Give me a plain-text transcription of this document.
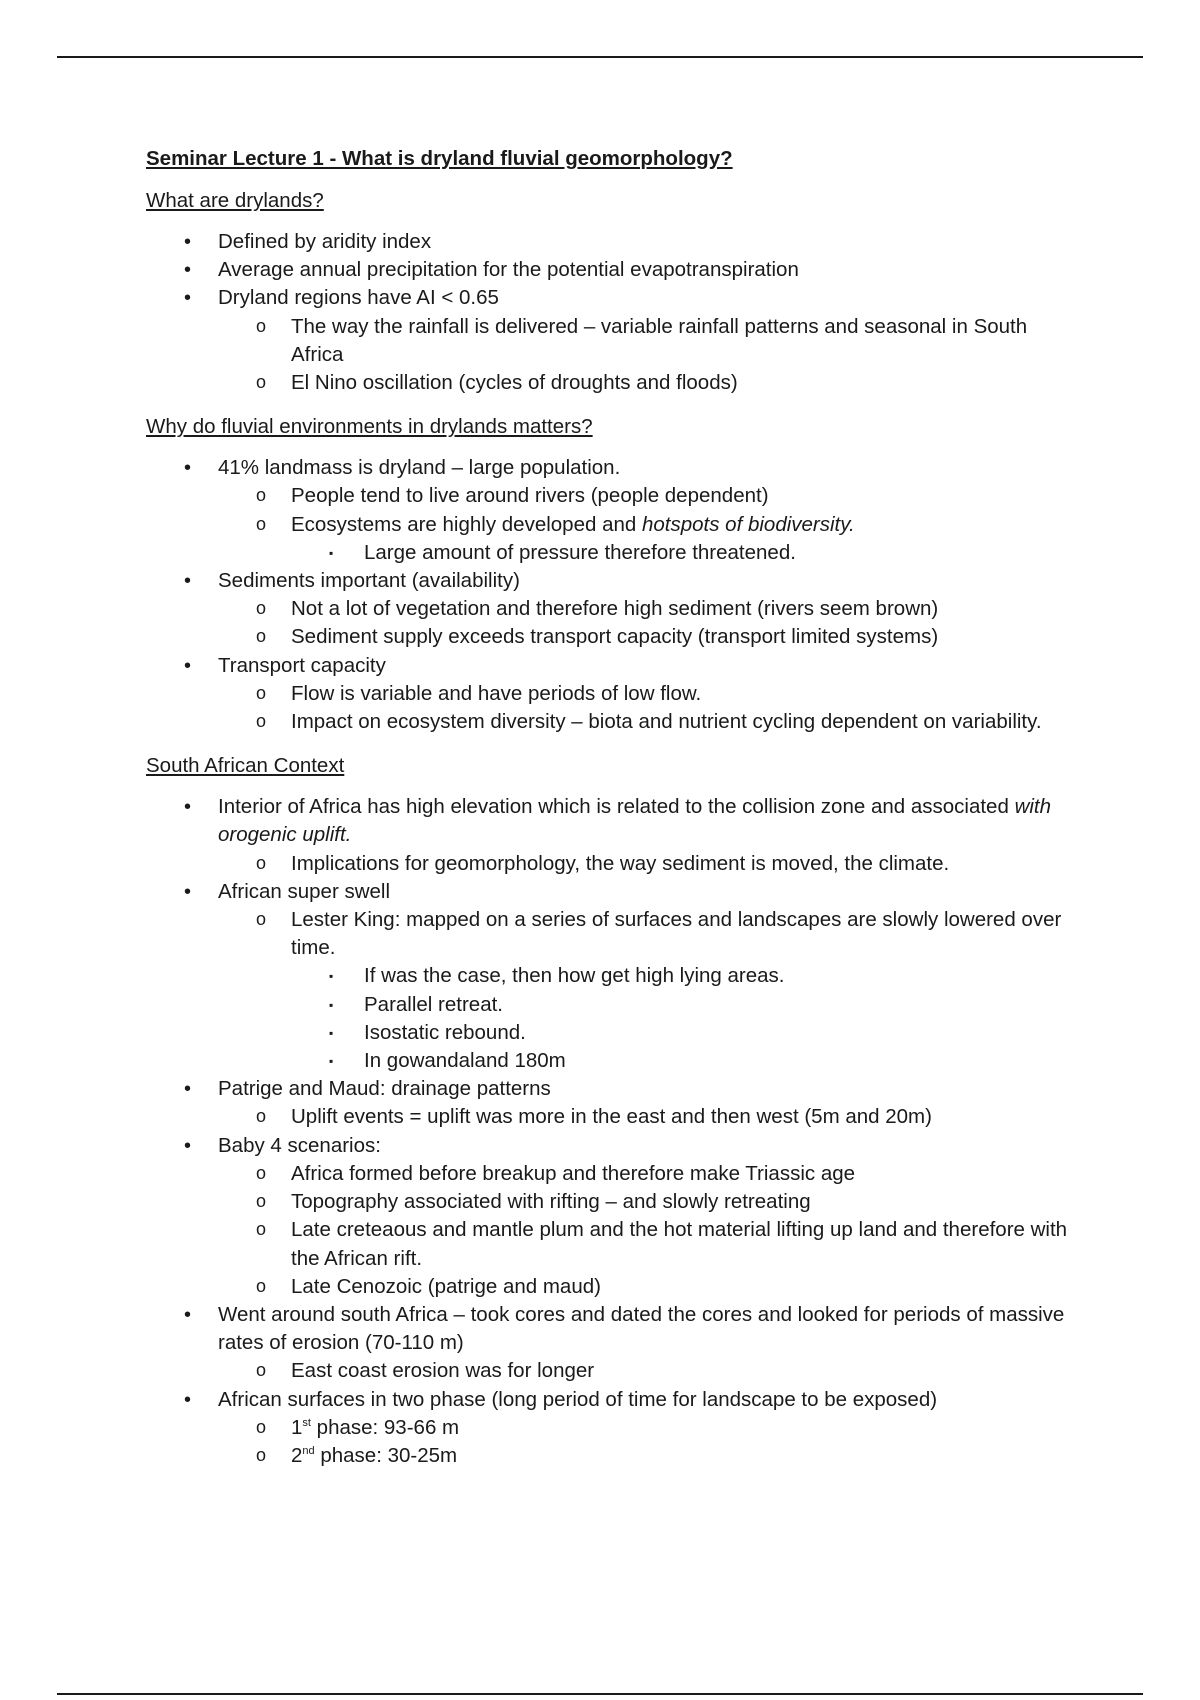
Seminar Lecture 1 - What is dryland fluvial geomorphology?
What are drylands?
• Defined by aridity index
• Average annual precipitation for the potential evapotranspiration
• Dryland regions have AI < 0.65
o The way the rainfall is delivered – variable rainfall patterns and seasonal in South Africa
o El Nino oscillation (cycles of droughts and floods)
Why do fluvial environments in drylands matters?
• 41% landmass is dryland – large population.
o People tend to live around rivers (people dependent)
o Ecosystems are highly developed and hotspots of biodiversity.
▪ Large amount of pressure therefore threatened.
• Sediments important (availability)
o Not a lot of vegetation and therefore high sediment (rivers seem brown)
o Sediment supply exceeds transport capacity (transport limited systems)
• Transport capacity
o Flow is variable and have periods of low flow.
o Impact on ecosystem diversity – biota and nutrient cycling dependent on variability.
South African Context
• Interior of Africa has high elevation which is related to the collision zone and associated with orogenic uplift.
o Implications for geomorphology, the way sediment is moved, the climate.
• African super swell
o Lester King: mapped on a series of surfaces and landscapes are slowly lowered over time.
▪ If was the case, then how get high lying areas.
▪ Parallel retreat.
▪ Isostatic rebound.
▪ In gowandaland 180m
• Patrige and Maud: drainage patterns
o Uplift events = uplift was more in the east and then west (5m and 20m)
• Baby 4 scenarios:
o Africa formed before breakup and therefore make Triassic age
o Topography associated with rifting – and slowly retreating
o Late creteaous and mantle plum and the hot material lifting up land and therefore with the African rift.
o Late Cenozoic (patrige and maud)
• Went around south Africa – took cores and dated the cores and looked for periods of massive rates of erosion (70-110 m)
o East coast erosion was for longer
• African surfaces in two phase (long period of time for landscape to be exposed)
o 1st phase: 93-66 m
o 2nd phase: 30-25m
